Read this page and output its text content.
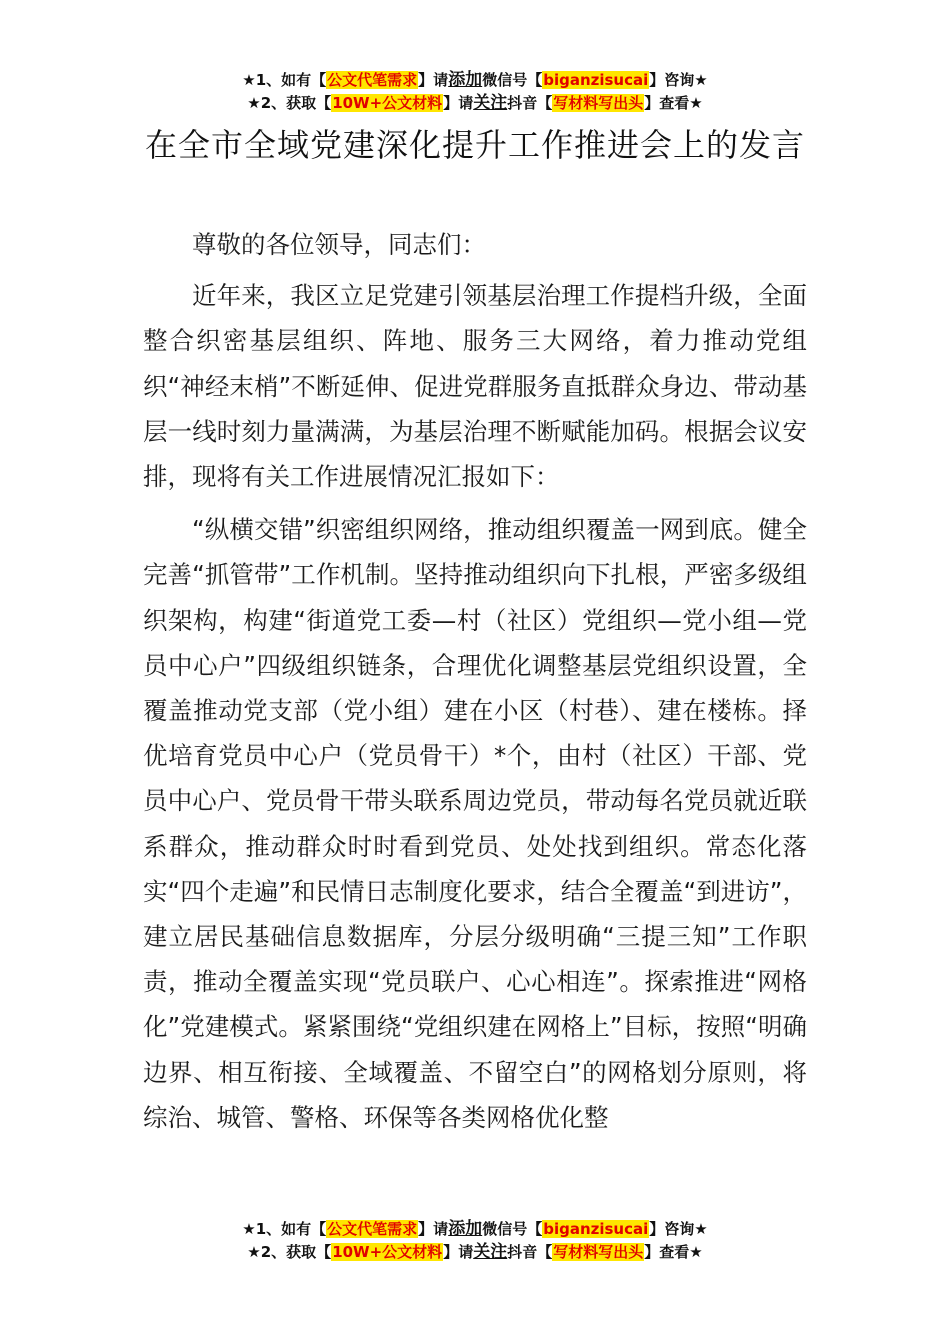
★1、如有【公文代笔需求】请添加微信号【biganzisucai】咨询★
★2、获取【10W+公文材料】请关注抖音【写材料写出头】查看★
在全市全域党建深化提升工作推进会上的发言

尊敬的各位领导，同志们：

近年来，我区立足党建引领基层治理工作提档升级，全面整合织密基层组织、阵地、服务三大网络，着力推动党组织“神经末梢”不断延伸、促进党群服务直抵群众身边、带动基层一线时刻力量满满，为基层治理不断赋能加码。根据会议安排，现将有关工作进展情况汇报如下：

“纵横交错”织密组织网络，推动组织覆盖一网到底。健全完善“抓管带”工作机制。坚持推动组织向下扎根，严密多级组织架构，构建“街道党工委—村（社区）党组织—党小组—党员中心户”四级组织链条，合理优化调整基层党组织设置，全覆盖推动党支部（党小组）建在小区（村巷）、建在楼栋。择优培育党员中心户（党员骨干）*个，由村（社区）干部、党员中心户、党员骨干带头联系周边党员，带动每名党员就近联系群众，推动群众时时看到党员、处处找到组织。常态化落实“四个走遍”和民情日志制度化要求，结合全覆盖“到进访”，建立居民基础信息数据库，分层分级明确“三提三知”工作职责，推动全覆盖实现“党员联户、心心相连”。探索推进“网格化”党建模式。紧紧围绕“党组织建在网格上”目标，按照“明确边界、相互衔接、全域覆盖、不留空白”的网格划分原则，将综治、城管、警格、环保等各类网格优化整

★1、如有【公文代笔需求】请添加微信号【biganzisucai】咨询★
★2、获取【10W+公文材料】请关注抖音【写材料写出头】查看★
